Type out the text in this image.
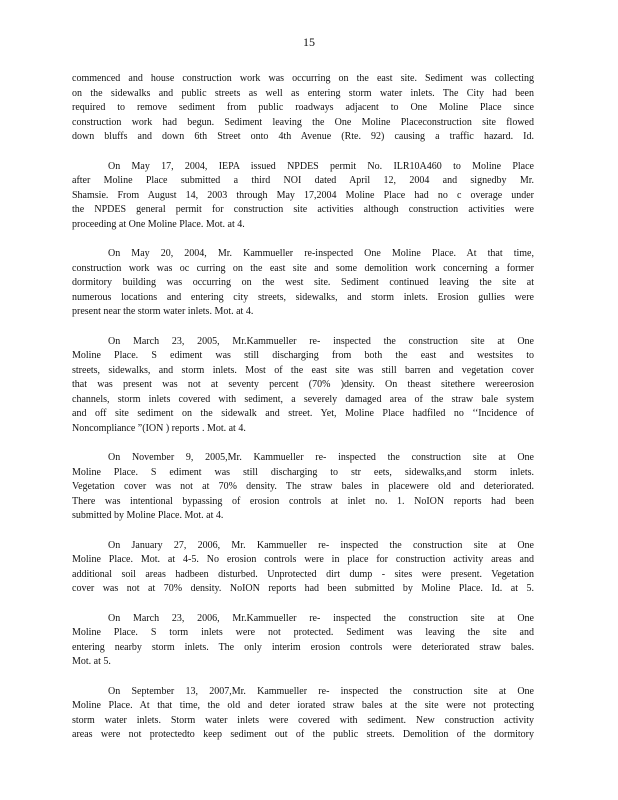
15
commenced and house construction work was occurring on the east site. Sediment was collecting
on the sidewalks and public streets as well as entering storm water inlets. The City had been
required to remove sediment from public roadways adjacent to One Moline Place since
construction work had begun. Sediment leaving the One Moline Placeconstruction site flowed
down bluffs and down 6th Street onto 4th Avenue (Rte. 92) causing a traffic hazard. Id.
On May 17, 2004, IEPA issued NPDES permit No. ILR10A460 to Moline Place
after Moline Place submitted a third NOI dated April 12, 2004 and signedby Mr.
Shamsie. From August 14, 2003 through May 17,2004 Moline Place had no c overage under
the NPDES general permit for construction site activities although construction activities were
proceeding at One Moline Place. Mot. at 4.
On May 20, 2004, Mr. Kammueller re-inspected One Moline Place. At that time,
construction work was oc curring on the east site and some demolition work concerning a former
dormitory building was occurring on the west site. Sediment continued leaving the site at
numerous locations and entering city streets, sidewalks, and storm inlets. Erosion gullies were
present near the storm water inlets. Mot. at 4.
On March 23, 2005, Mr.Kammueller re- inspected the construction site at One
Moline Place. S ediment was still discharging from both the east and westsites to
streets, sidewalks, and storm inlets. Most of the east site was still barren and vegetation cover
that was present was not at seventy percent (70% )density. On theast sitethere wereerosion
channels, storm inlets covered with sediment, a severely damaged area of the straw bale system
and off site sediment on the sidewalk and street. Yet, Moline Place hadfiled no ‘‘Incidence of
Noncompliance ”(ION ) reports . Mot. at 4.
On November 9, 2005,Mr. Kammueller re- inspected the construction site at One
Moline Place. S ediment was still discharging to str eets, sidewalks,and storm inlets.
Vegetation cover was not at 70% density. The straw bales in placewere old and deteriorated.
There was intentional bypassing of erosion controls at inlet no. 1. NoION reports had been
submitted by Moline Place. Mot. at 4.
On January 27, 2006, Mr. Kammueller re- inspected the construction site at One
Moline Place. Mot. at 4-5. No erosion controls were in place for construction activity areas and
additional soil areas hadbeen disturbed. Unprotected dirt dump - sites were present. Vegetation
cover was not at 70% density. NoION reports had been submitted by Moline Place. Id. at 5.
On March 23, 2006, Mr.Kammueller re- inspected the construction site at One
Moline Place. S torm inlets were not protected. Sediment was leaving the site and
entering nearby storm inlets. The only interim erosion controls were deteriorated straw bales.
Mot. at 5.
On September 13, 2007,Mr. Kammueller re- inspected the construction site at One
Moline Place. At that time, the old and deter iorated straw bales at the site were not protecting
storm water inlets. Storm water inlets were covered with sediment. New construction activity
areas were not protectedto keep sediment out of the public streets. Demolition of the dormitory
